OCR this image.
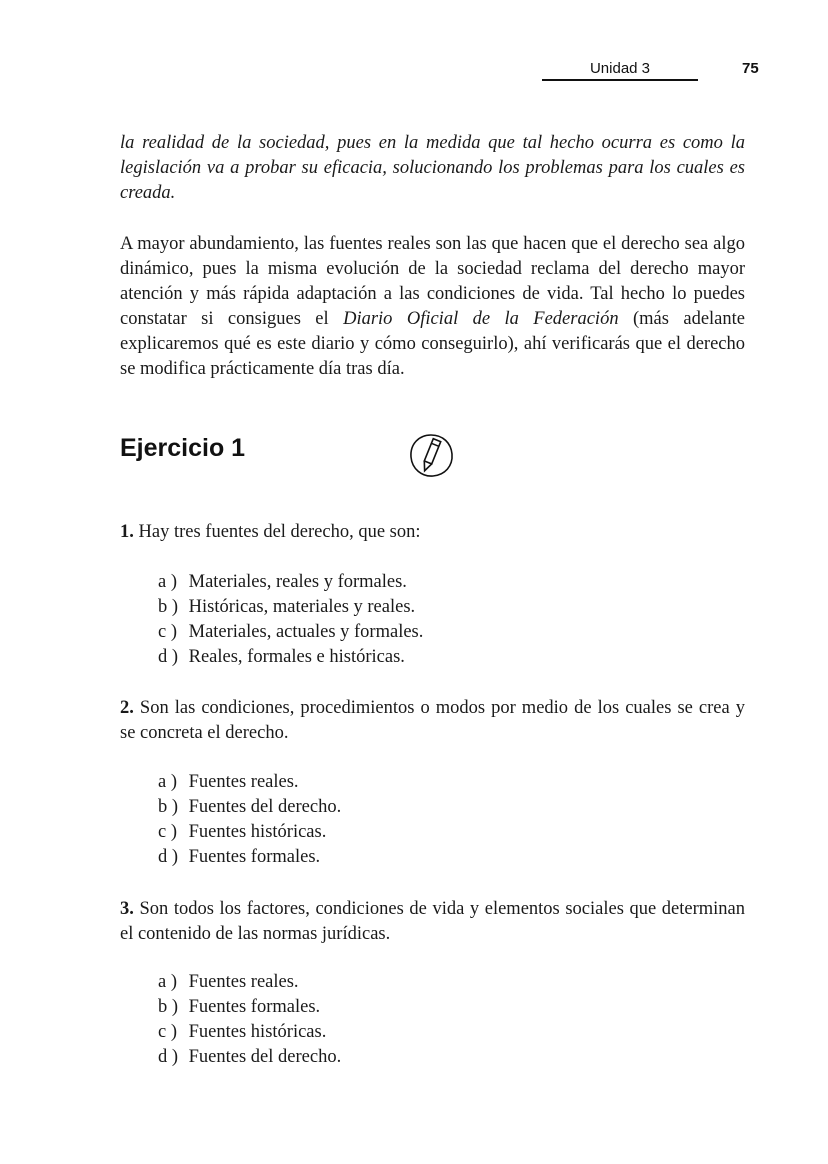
Unidad 3	75

la realidad de la sociedad, pues en la medida que tal hecho ocurra es como la legislación va a probar su eficacia, solucionando los problemas para los cuales es creada.

A mayor abundamiento, las fuentes reales son las que hacen que el derecho sea algo dinámico, pues la misma evolución de la sociedad reclama del derecho mayor atención y más rápida adaptación a las condiciones de vida. Tal hecho lo puedes constatar si consigues el Diario Oficial de la Federación (más adelante explicaremos qué es este diario y cómo conseguirlo), ahí verificarás que el derecho se modifica prácticamente día tras día.

Ejercicio 1
1. Hay tres fuentes del derecho, que son:
a ) Materiales, reales y formales.
b ) Históricas, materiales y reales.
c ) Materiales, actuales y formales.
d ) Reales, formales e históricas.
2. Son las condiciones, procedimientos o modos por medio de los cuales se crea y se concreta el derecho.
a ) Fuentes reales.
b ) Fuentes del derecho.
c ) Fuentes históricas.
d ) Fuentes formales.
3. Son todos los factores, condiciones de vida y elementos sociales que determinan el contenido de las normas jurídicas.
a ) Fuentes reales.
b ) Fuentes formales.
c ) Fuentes históricas.
d ) Fuentes del derecho.
